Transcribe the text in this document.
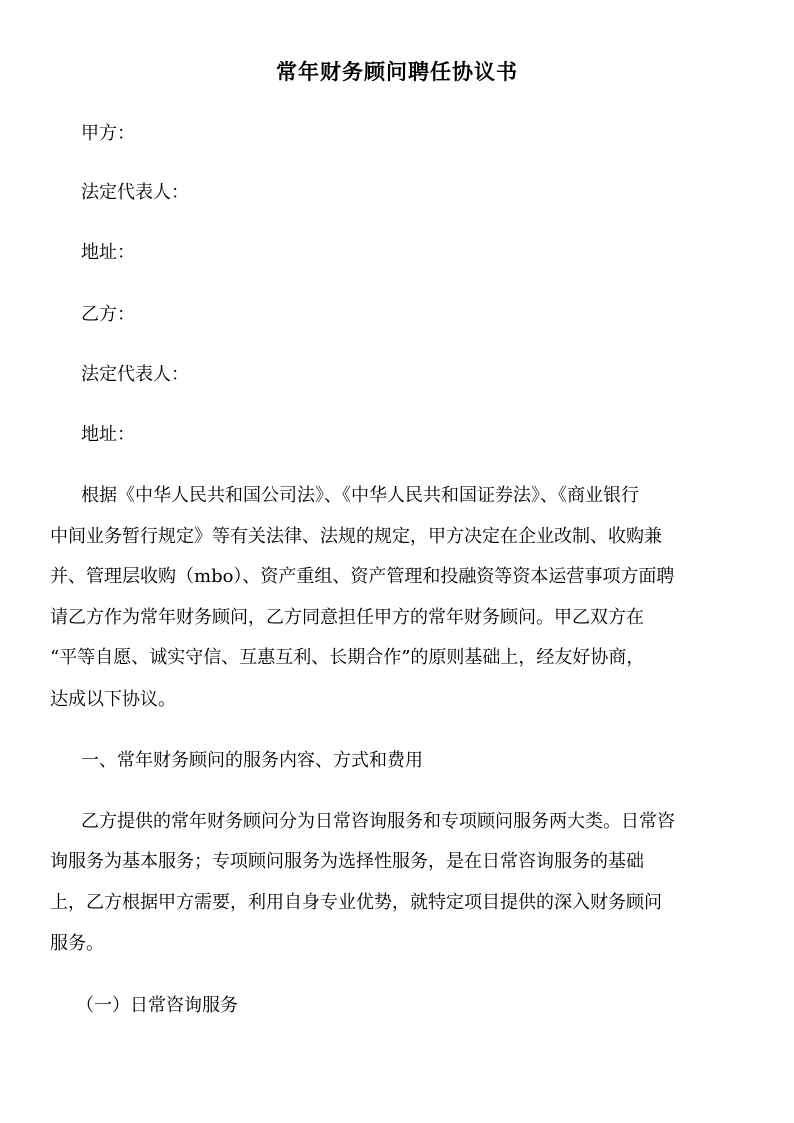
常年财务顾问聘任协议书
甲方：
法定代表人：
地址：
乙方：
法定代表人：
地址：
根据《中华人民共和国公司法》、《中华人民共和国证券法》、《商业银行
中间业务暂行规定》等有关法律、法规的规定，甲方决定在企业改制、收购兼
并、管理层收购（mbo）、资产重组、资产管理和投融资等资本运营事项方面聘
请乙方作为常年财务顾问，乙方同意担任甲方的常年财务顾问。甲乙双方在
“平等自愿、诚实守信、互惠互利、长期合作”的原则基础上，经友好协商，
达成以下协议。
一、常年财务顾问的服务内容、方式和费用
乙方提供的常年财务顾问分为日常咨询服务和专项顾问服务两大类。日常咨
询服务为基本服务；专项顾问服务为选择性服务，是在日常咨询服务的基础
上，乙方根据甲方需要，利用自身专业优势，就特定项目提供的深入财务顾问
服务。
（一）日常咨询服务
